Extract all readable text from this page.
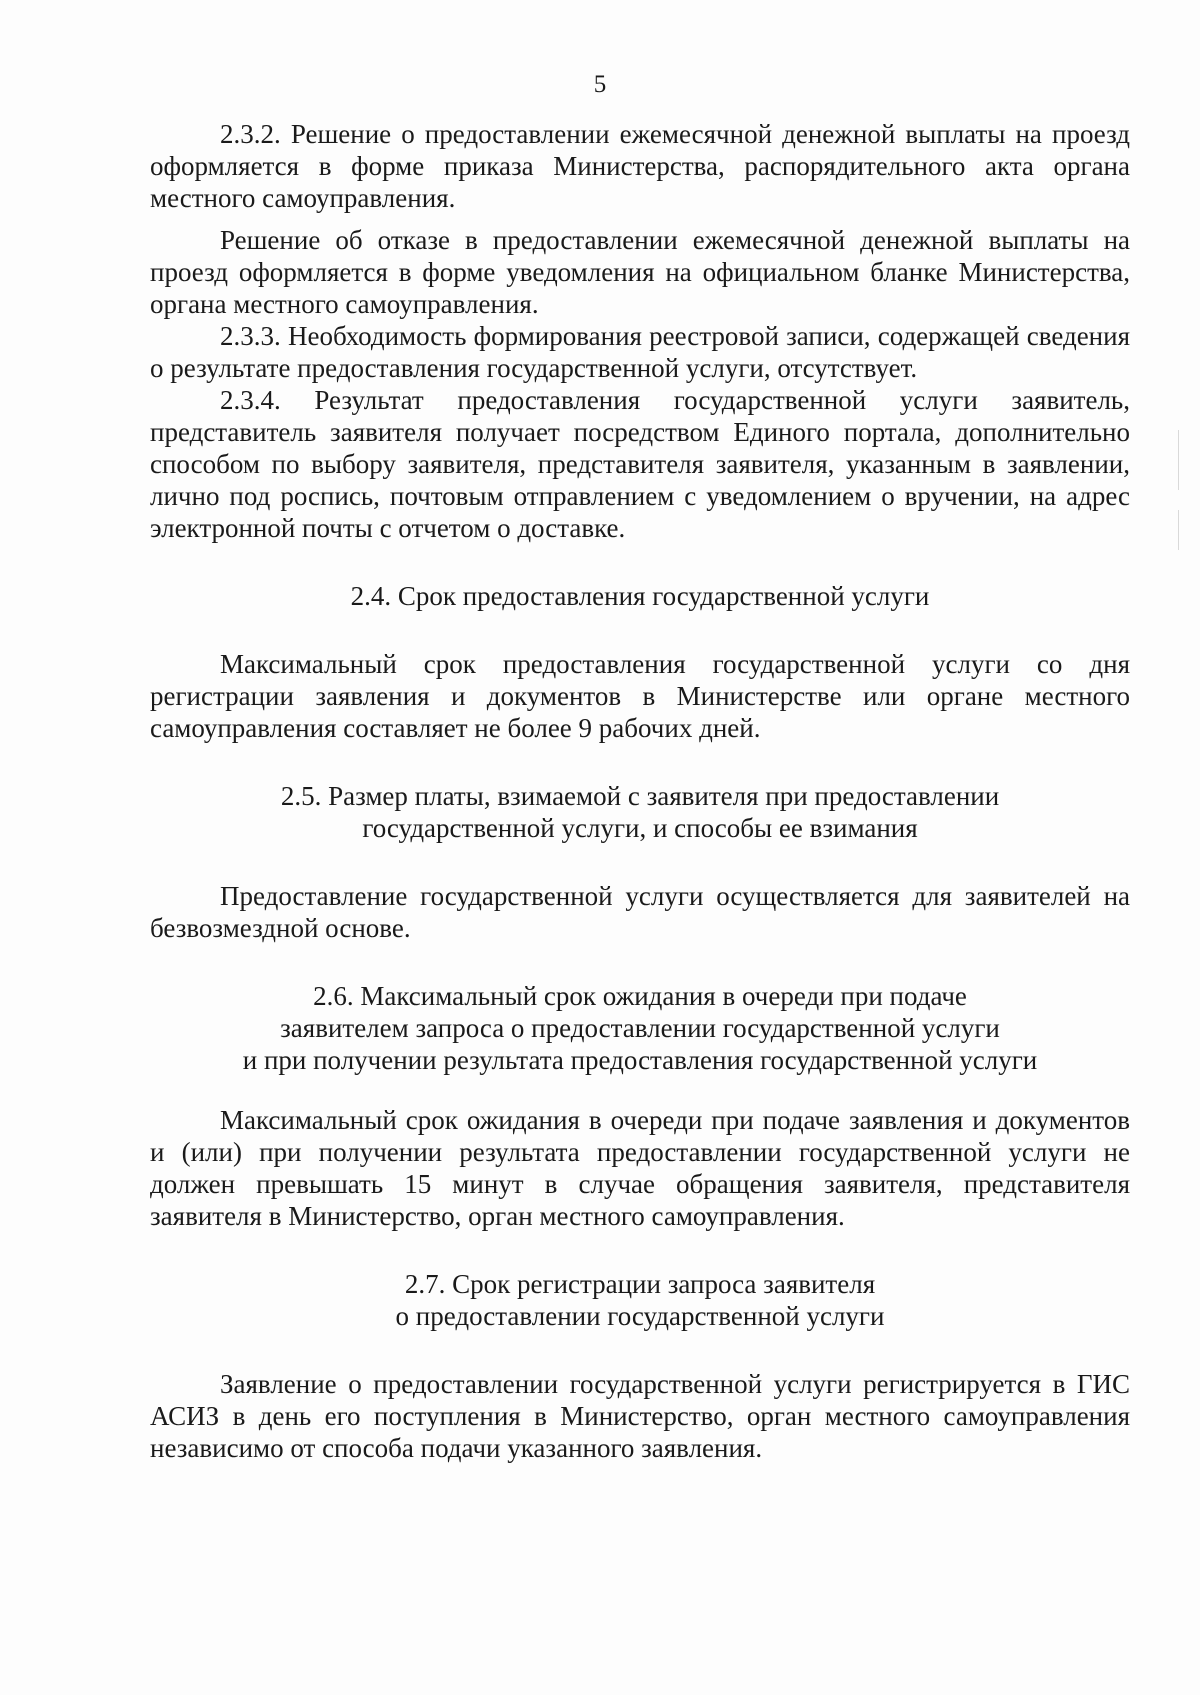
5

2.3.2. Решение о предоставлении ежемесячной денежной выплаты на проезд оформляется в форме приказа Министерства, распорядительного акта органа местного самоуправления.

Решение об отказе в предоставлении ежемесячной денежной выплаты на проезд оформляется в форме уведомления на официальном бланке Министерства, органа местного самоуправления.

2.3.3. Необходимость формирования реестровой записи, содержащей сведения о результате предоставления государственной услуги, отсутствует.

2.3.4. Результат предоставления государственной услуги заявитель, представитель заявителя получает посредством Единого портала, дополнительно способом по выбору заявителя, представителя заявителя, указанным в заявлении, лично под роспись, почтовым отправлением с уведомлением о вручении, на адрес электронной почты с отчетом о доставке.

2.4. Срок предоставления государственной услуги

Максимальный срок предоставления государственной услуги со дня регистрации заявления и документов в Министерстве или органе местного самоуправления составляет не более 9 рабочих дней.

2.5. Размер платы, взимаемой с заявителя при предоставлении

государственной услуги, и способы ее взимания

Предоставление государственной услуги осуществляется для заявителей на безвозмездной основе.

2.6. Максимальный срок ожидания в очереди при подаче

заявителем запроса о предоставлении государственной услуги

и при получении результата предоставления государственной услуги

Максимальный срок ожидания в очереди при подаче заявления и документов и (или) при получении результата предоставлении государственной услуги не должен превышать 15 минут в случае обращения заявителя, представителя заявителя в Министерство, орган местного самоуправления.

2.7. Срок регистрации запроса заявителя

о предоставлении государственной услуги

Заявление о предоставлении государственной услуги регистрируется в ГИС АСИЗ в день его поступления в Министерство, орган местного самоуправления независимо от способа подачи указанного заявления.
